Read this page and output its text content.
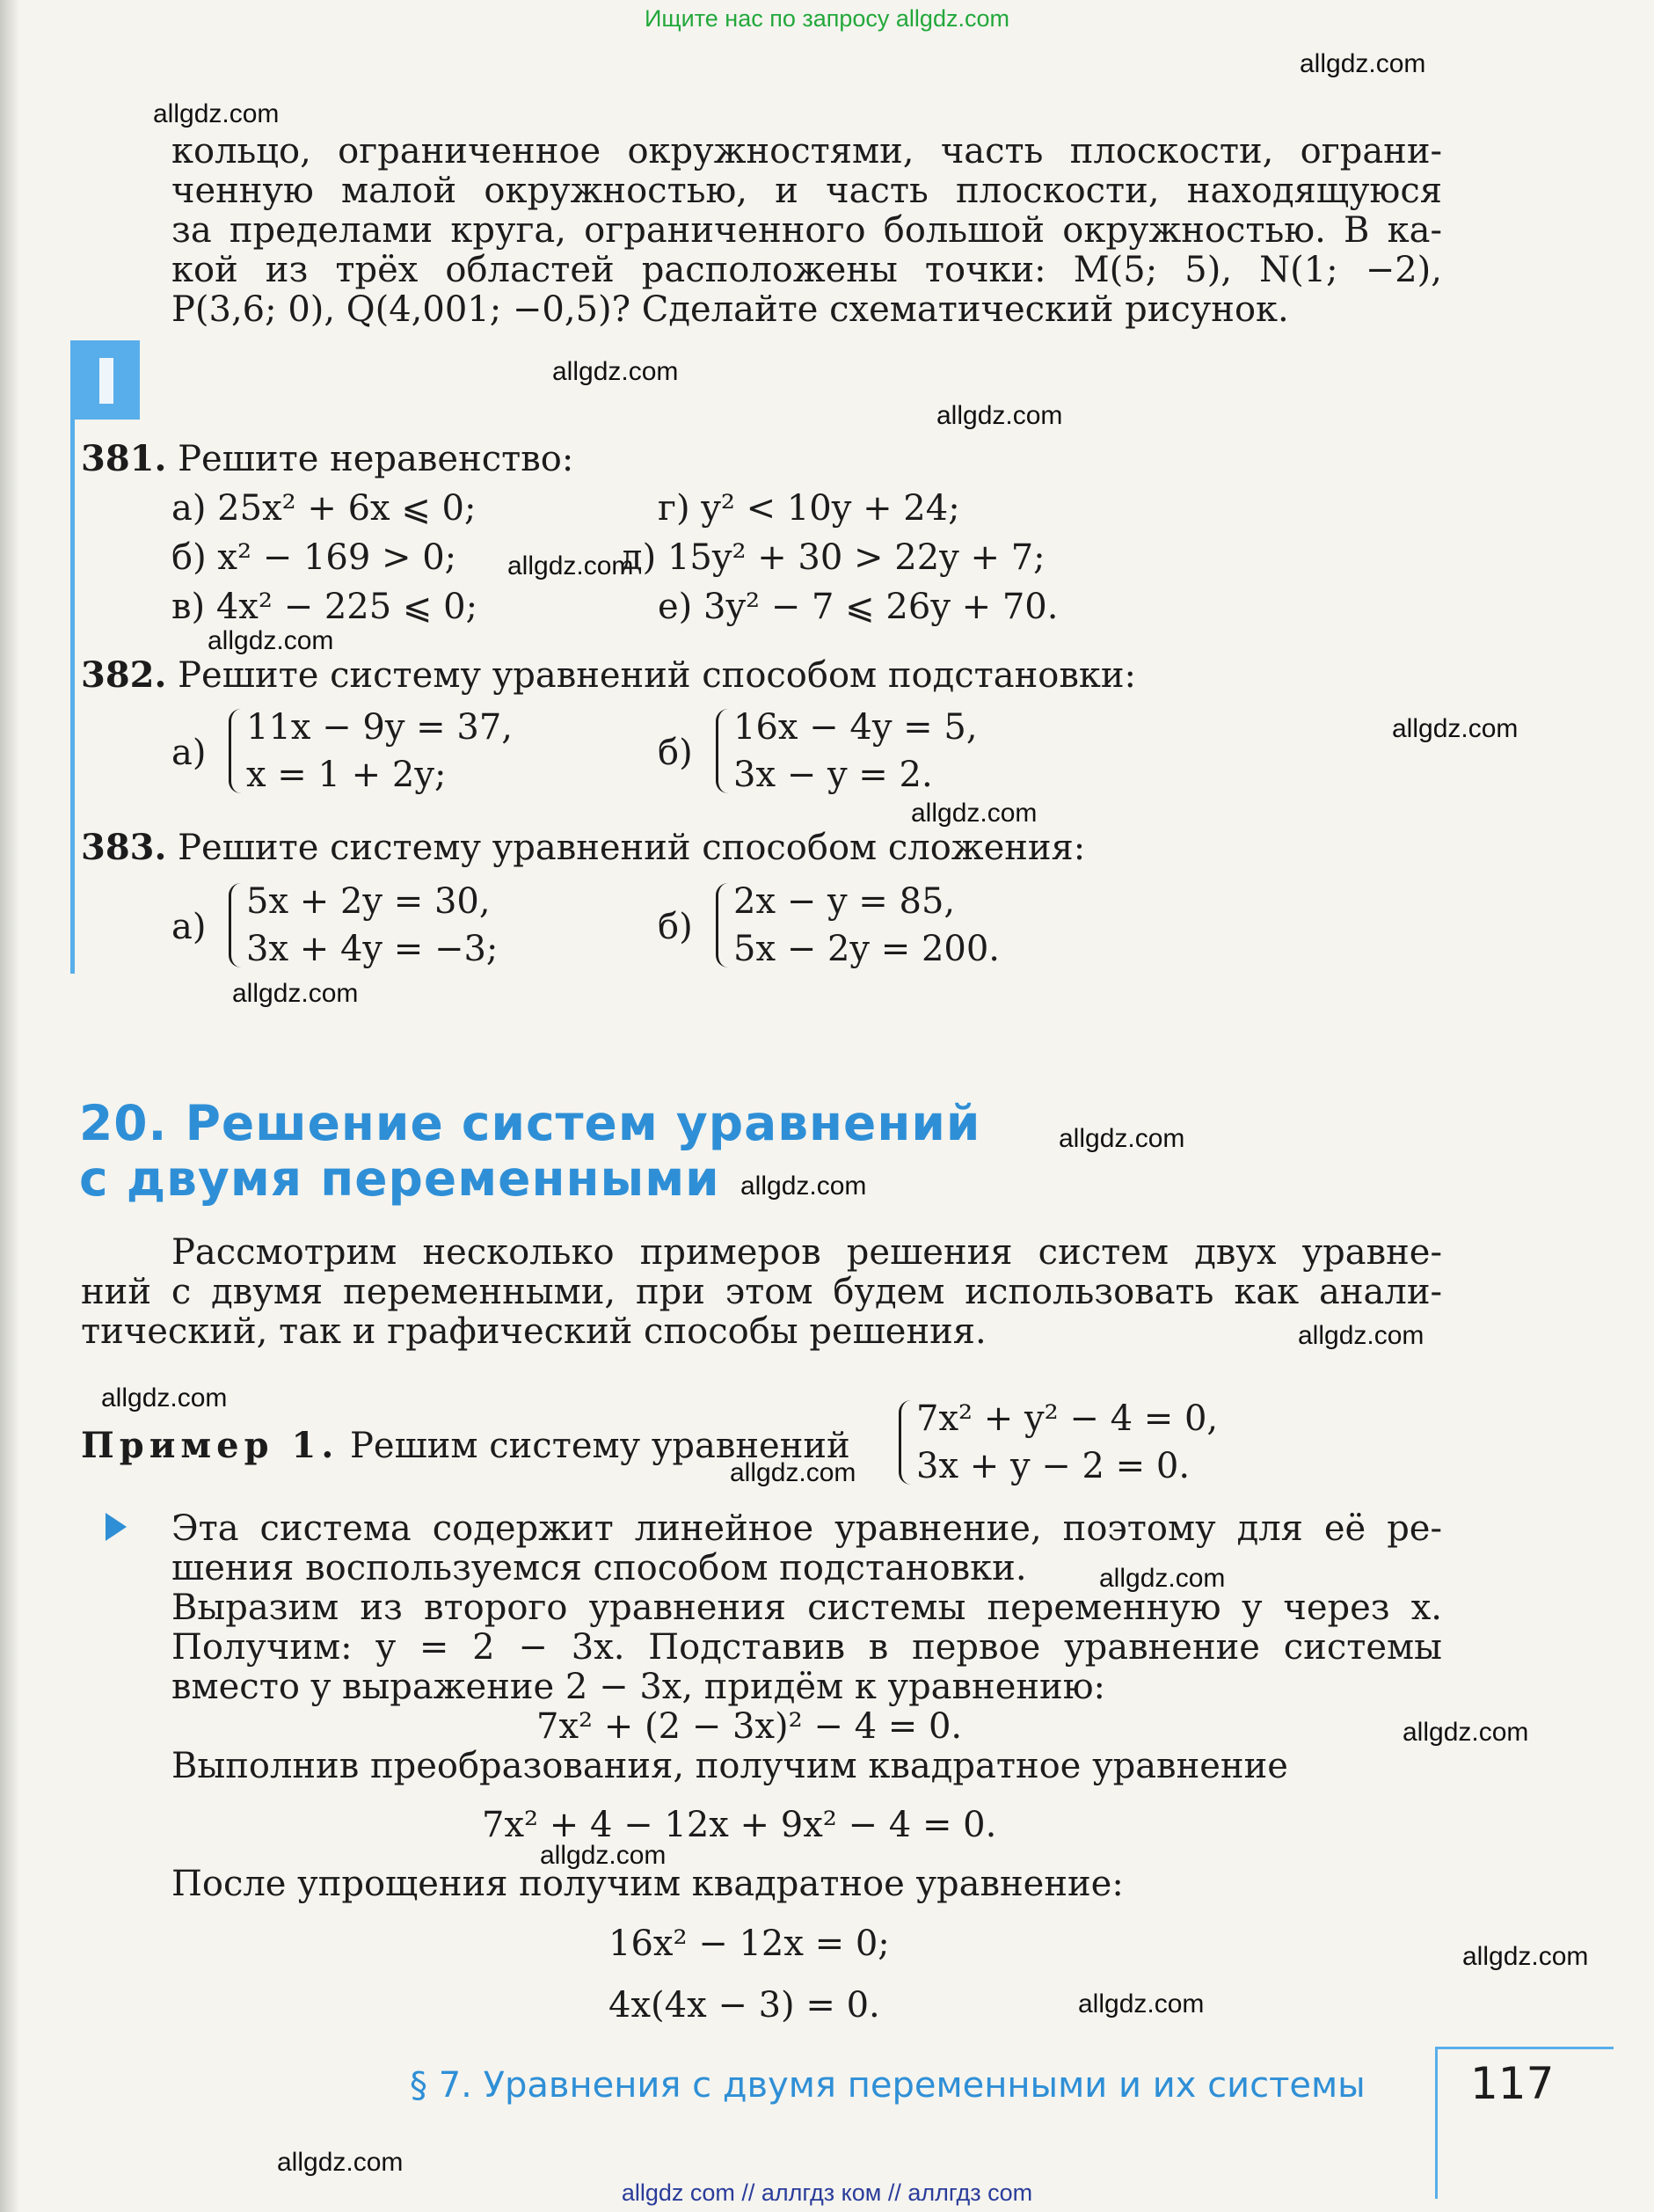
Ищите нас по запросу allgdz.com
allgdz.com
allgdz.com
allgdz.com
allgdz.com
allgdz.com
allgdz.com
allgdz.com
allgdz.com
allgdz.com
allgdz.com
allgdz.com
allgdz.com
allgdz.com
allgdz.com
allgdz.com
allgdz.com
allgdz.com
allgdz.com
allgdz.com
allgdz.com
кольцо, ограниченное окружностями, часть плоскости, ограни-
ченную малой окружностью, и часть плоскости, находящуюся
за пределами круга, ограниченного большой окружностью. В ка-
кой из трёх областей расположены точки: M(5; 5), N(1; −2),
P(3,6; 0), Q(4,001; −0,5)? Сделайте схематический рисунок.
381. Решите неравенство:
а) 25x² + 6x ⩽ 0;	г) y² < 10y + 24;
б) x² − 169 > 0;	д) 15y² + 30 > 22y + 7;
в) 4x² − 225 ⩽ 0;	е) 3y² − 7 ⩽ 26y + 70.
382. Решите систему уравнений способом подстановки:
а)
11x − 9y = 37,
x = 1 + 2y;
б)
16x − 4y = 5,
3x − y = 2.
383. Решите систему уравнений способом сложения:
а)
5x + 2y = 30,
3x + 4y = −3;
б)
2x − y = 85,
5x − 2y = 200.
20. Решение систем уравнений
с двумя переменными
Рассмотрим несколько примеров решения систем двух уравне-
ний с двумя переменными, при этом будем использовать как анали-
тический, так и графический способы решения.
Пример 1. Решим систему уравнений
7x² + y² − 4 = 0,
3x + y − 2 = 0.
Эта система содержит линейное уравнение, поэтому для её ре-
шения воспользуемся способом подстановки.
Выразим из второго уравнения системы переменную y через x.
Получим: y = 2 − 3x. Подставив в первое уравнение системы
вместо y выражение 2 − 3x, придём к уравнению:
7x² + (2 − 3x)² − 4 = 0.
Выполнив преобразования, получим квадратное уравнение
7x² + 4 − 12x + 9x² − 4 = 0.
После упрощения получим квадратное уравнение:
16x² − 12x = 0;
4x(4x − 3) = 0.
§ 7. Уравнения с двумя переменными и их системы 117
allgdz com // аллгдз ком // аллгдз com
